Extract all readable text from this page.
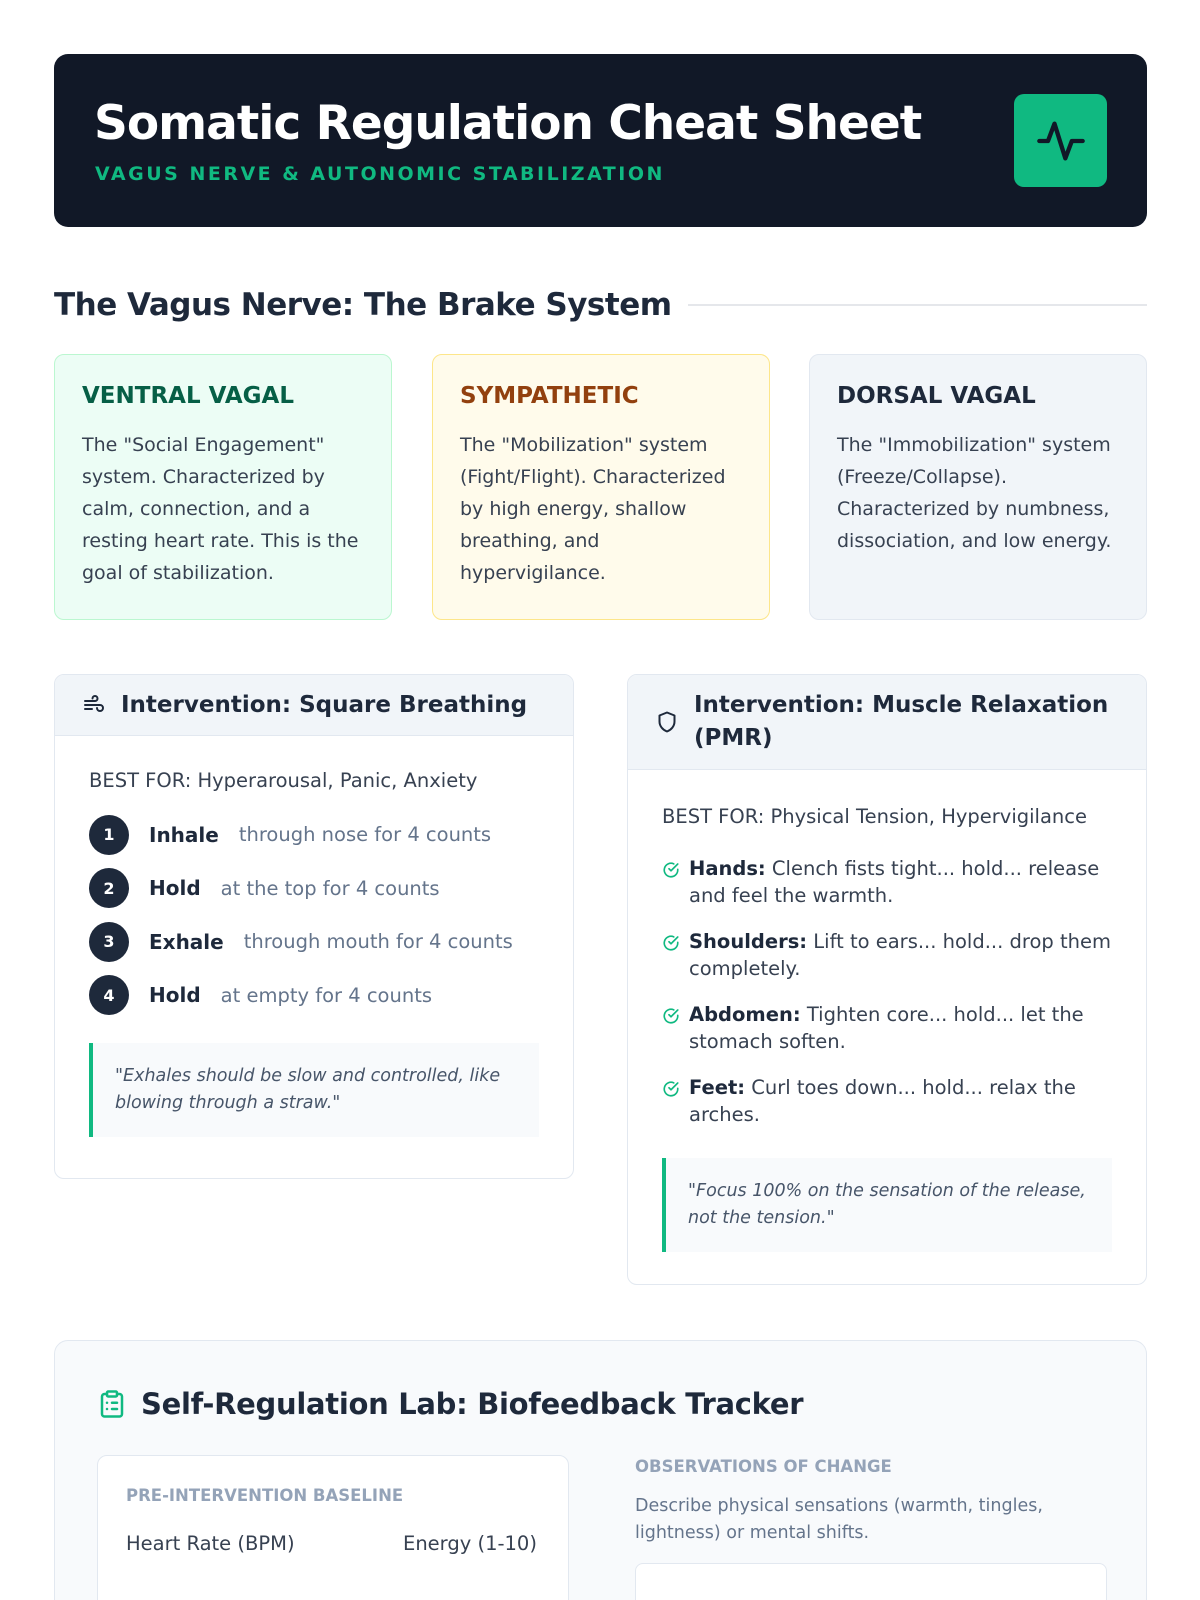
Somatic Regulation Cheat Sheet
VAGUS NERVE & AUTONOMIC STABILIZATION
The Vagus Nerve: The Brake System
VENTRAL VAGAL

The "Social Engagement" system. Characterized by calm, connection, and a resting heart rate. This is the goal of stabilization.

SYMPATHETIC

The "Mobilization" system (Fight/Flight). Characterized by high energy, shallow breathing, and hypervigilance.

DORSAL VAGAL

The "Immobilization" system (Freeze/Collapse). Characterized by numbness, dissociation, and low energy.

Intervention: Square Breathing
BEST FOR: Hyperarousal, Panic, Anxiety
1	Inhale through nose for 4 counts
2	Hold at the top for 4 counts
3	Exhale through mouth for 4 counts
4	Hold at empty for 4 counts
"Exhales should be slow and controlled, like blowing through a straw."
Intervention: Muscle Relaxation (PMR)
BEST FOR: Physical Tension, Hypervigilance
Hands: Clench fists tight... hold... release and feel the warmth.
Shoulders: Lift to ears... hold... drop them completely.
Abdomen: Tighten core... hold... let the stomach soften.
Feet: Curl toes down... hold... relax the arches.
"Focus 100% on the sensation of the release, not the tension."
Self-Regulation Lab: Biofeedback Tracker
PRE-INTERVENTION BASELINE
Heart Rate (BPM)	Energy (1-10)
OBSERVATIONS OF CHANGE
Describe physical sensations (warmth, tingles, lightness) or mental shifts.
